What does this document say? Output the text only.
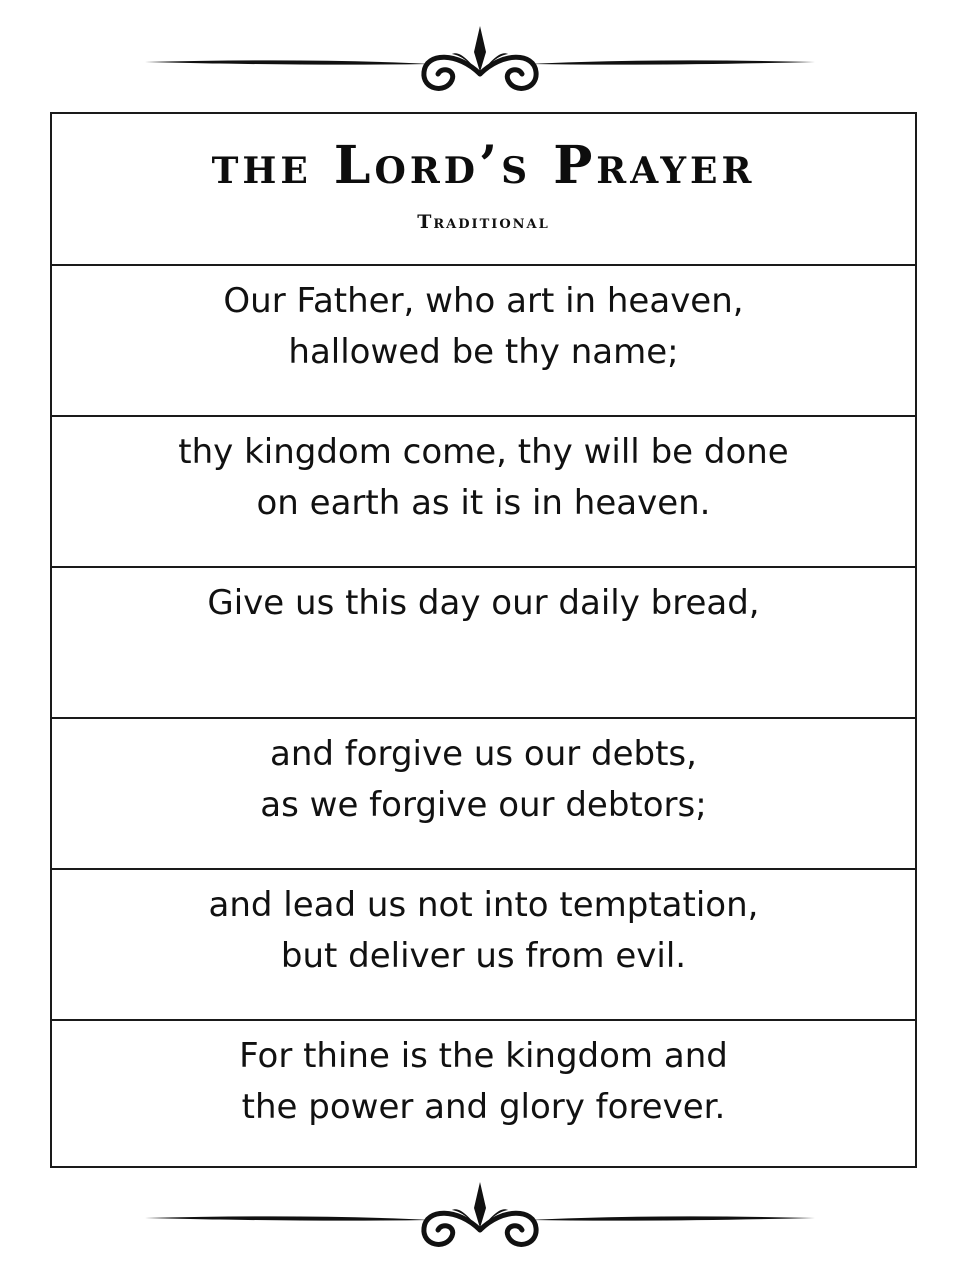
the Lord’s Prayer
Traditional
Our Father, who art in heaven,
hallowed be thy name;
thy kingdom come, thy will be done
on earth as it is in heaven.
Give us this day our daily bread,
and forgive us our debts,
as we forgive our debtors;
and lead us not into temptation,
but deliver us from evil.
For thine is the kingdom and
the power and glory forever.
